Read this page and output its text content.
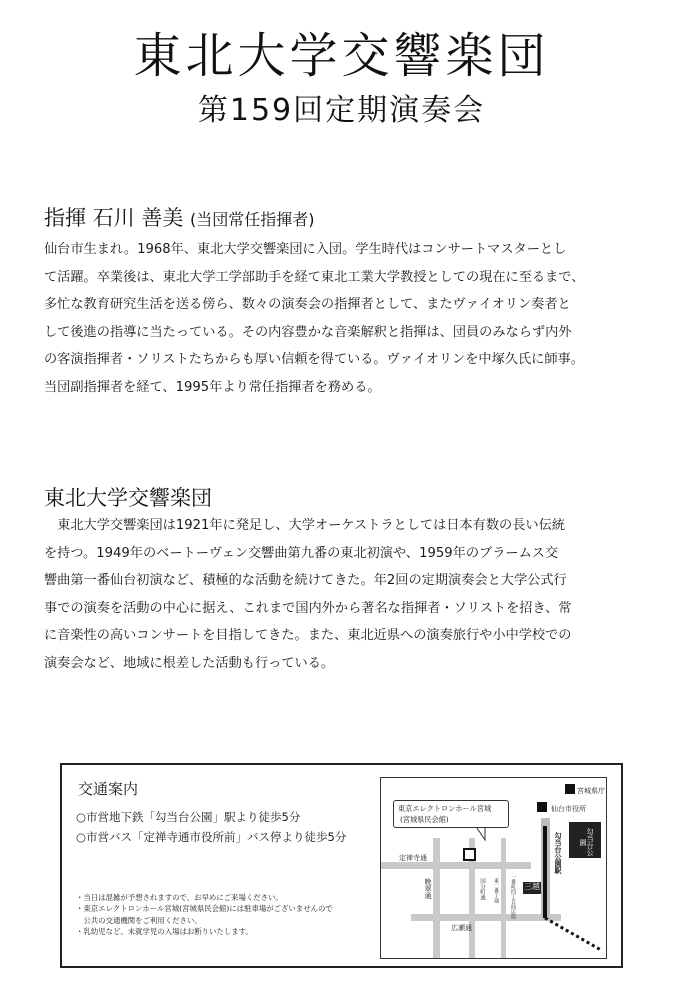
東北大学交響楽団
第159回定期演奏会
指揮 石川 善美 (当団常任指揮者)
仙台市生まれ。1968年、東北大学交響楽団に入団。学生時代はコンサートマスターとし
て活躍。卒業後は、東北大学工学部助手を経て東北工業大学教授としての現在に至るまで、
多忙な教育研究生活を送る傍ら、数々の演奏会の指揮者として、またヴァイオリン奏者と
して後進の指導に当たっている。その内容豊かな音楽解釈と指揮は、団員のみならず内外
の客演指揮者・ソリストたちからも厚い信頼を得ている。ヴァイオリンを中塚久氏に師事。
当団副指揮者を経て、1995年より常任指揮者を務める。
東北大学交響楽団
東北大学交響楽団は1921年に発足し、大学オーケストラとしては日本有数の長い伝統
を持つ。1949年のベートーヴェン交響曲第九番の東北初演や、1959年のブラームス交
響曲第一番仙台初演など、積極的な活動を続けてきた。年2回の定期演奏会と大学公式行
事での演奏を活動の中心に据え、これまで国内外から著名な指揮者・ソリストを招き、常
に音楽性の高いコンサートを目指してきた。また、東北近県への演奏旅行や小中学校での
演奏会など、地域に根差した活動も行っている。
交通案内
○市営地下鉄「勾当台公園」駅より徒歩5分
○市営バス「定禅寺通市役所前」バス停より徒歩5分
・当日は混雑が予想されますので、お早めにご来場ください。
・東京エレクトロンホール宮城(宮城県民会館)には駐車場がございませんので
　公共の交通機関をご利用ください。
・乳幼児など、未就学児の入場はお断りいたします。
東京エレクトロンホール宮城
(宮城県民会館)
宮城県庁
仙台市役所
勾当台公園
勾当台公園駅
三越
定禅寺通
晩翠通	国分町通	一番町四丁目商店街
東二番丁通
広瀬通
